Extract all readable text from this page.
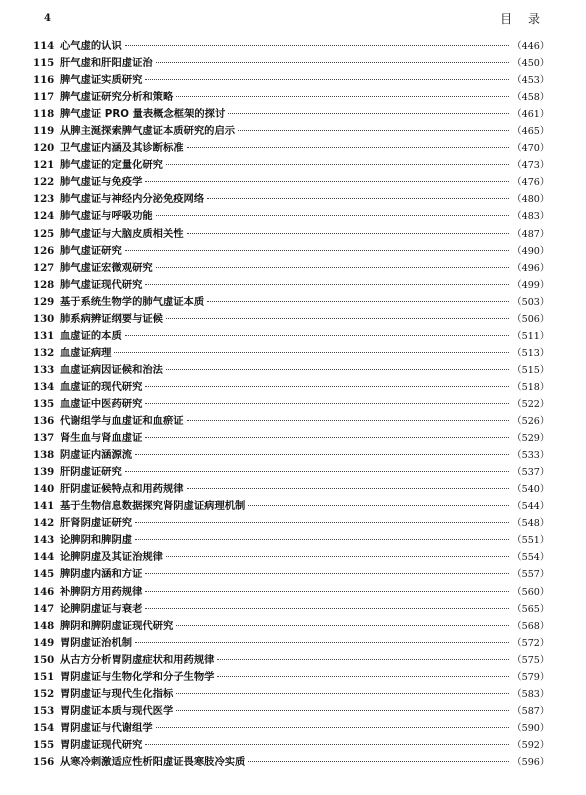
4	目 录
114 心气虚的认识	（446）
115 肝气虚和肝阳虚证治	（450）
116 脾气虚证实质研究	（453）
117 脾气虚证研究分析和策略	（458）
118 脾气虚证 PRO 量表概念框架的探讨	（461）
119 从脾主涎探索脾气虚证本质研究的启示	（465）
120 卫气虚证内涵及其诊断标准	（470）
121 肺气虚证的定量化研究	（473）
122 肺气虚证与免疫学	（476）
123 肺气虚证与神经内分泌免疫网络	（480）
124 肺气虚证与呼吸功能	（483）
125 肺气虚证与大脑皮质相关性	（487）
126 肺气虚证研究	（490）
127 肺气虚证宏微观研究	（496）
128 肺气虚证现代研究	（499）
129 基于系统生物学的肺气虚证本质	（503）
130 肺系病辨证纲要与证候	（506）
131 血虚证的本质	（511）
132 血虚证病理	（513）
133 血虚证病因证候和治法	（515）
134 血虚证的现代研究	（518）
135 血虚证中医药研究	（522）
136 代谢组学与血虚证和血瘀证	（526）
137 肾生血与肾血虚证	（529）
138 阴虚证内涵源流	（533）
139 肝阴虚证研究	（537）
140 肝阴虚证候特点和用药规律	（540）
141 基于生物信息数据探究肾阴虚证病理机制	（544）
142 肝肾阴虚证研究	（548）
143 论脾阴和脾阴虚	（551）
144 论脾阴虚及其证治规律	（554）
145 脾阴虚内涵和方证	（557）
146 补脾阴方用药规律	（560）
147 论脾阴虚证与衰老	（565）
148 脾阴和脾阴虚证现代研究	（568）
149 胃阴虚证治机制	（572）
150 从古方分析胃阴虚症状和用药规律	（575）
151 胃阴虚证与生物化学和分子生物学	（579）
152 胃阴虚证与现代生化指标	（583）
153 胃阴虚证本质与现代医学	（587）
154 胃阴虚证与代谢组学	（590）
155 胃阴虚证现代研究	（592）
156 从寒冷刺激适应性析阳虚证畏寒肢冷实质	（596）
